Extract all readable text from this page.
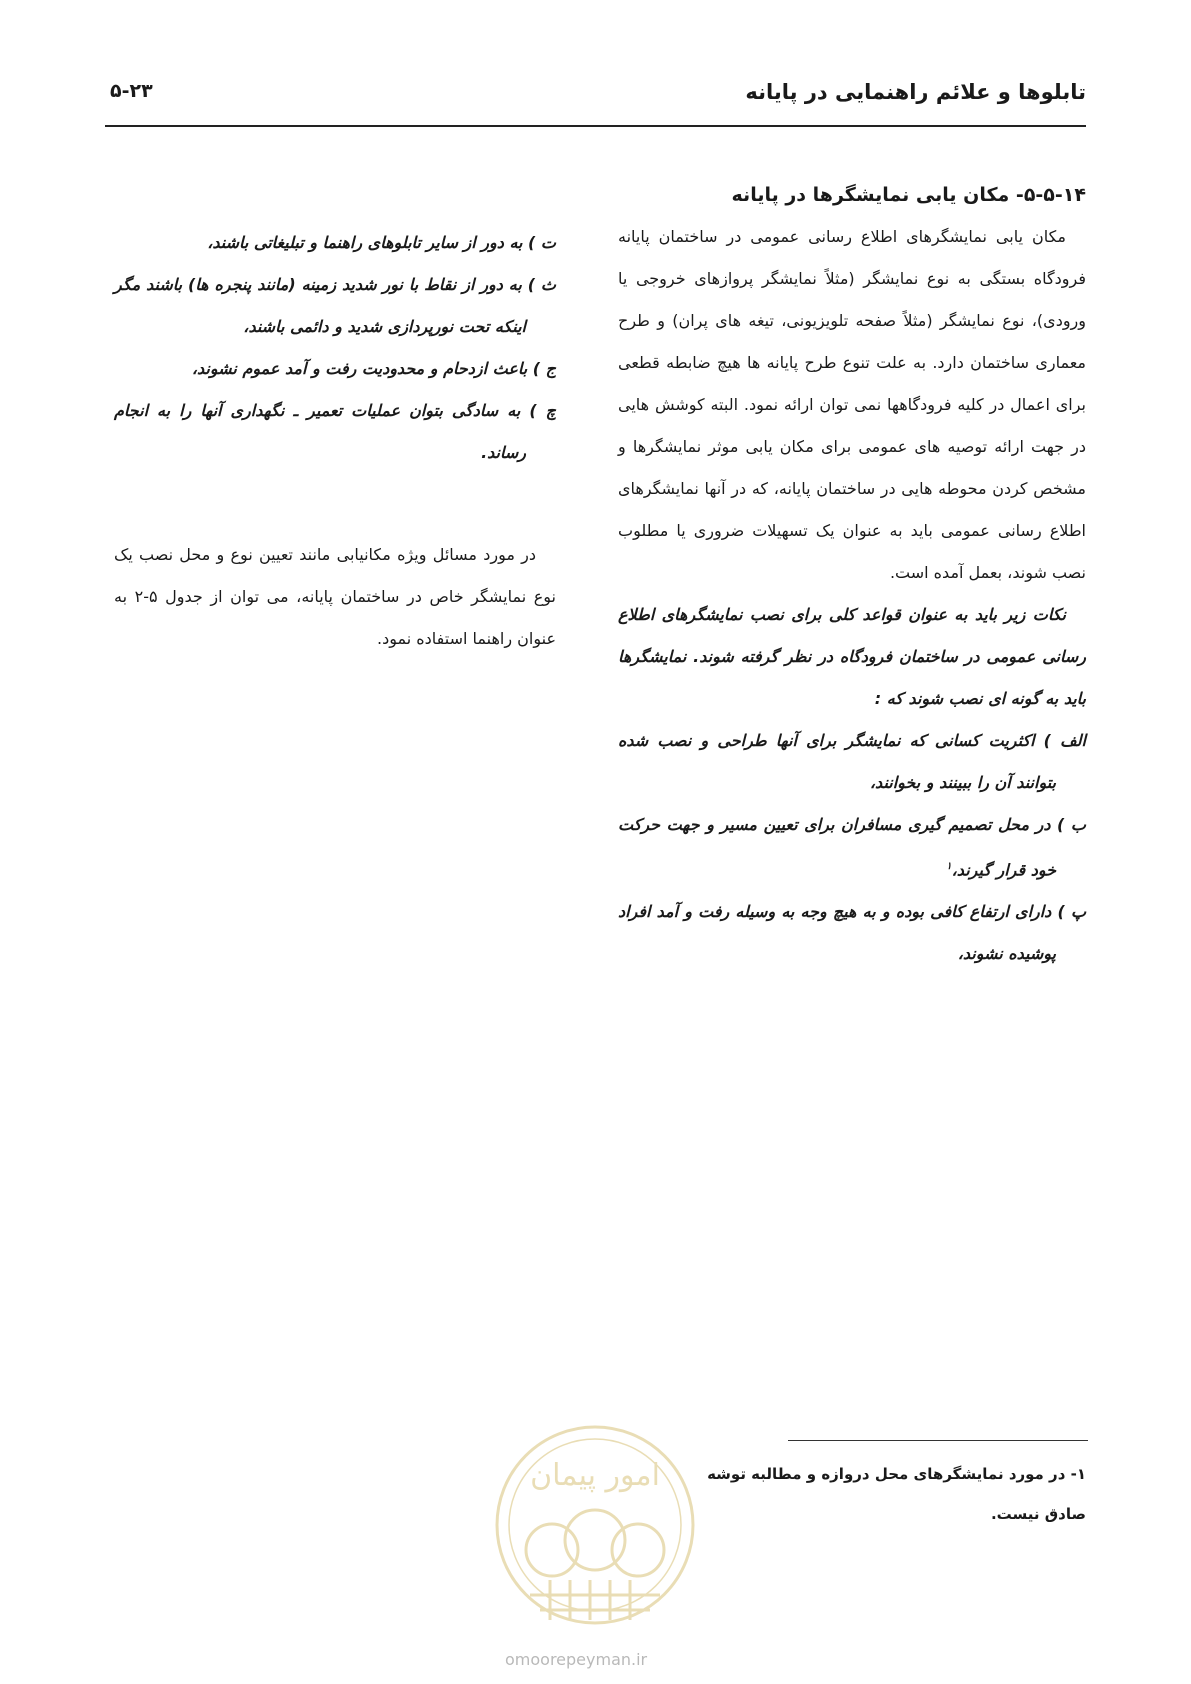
تابلوها و علائم راهنمایی در پایانه
۵-۲۳

۵-۵-۱۴- مکان یابی نمایشگرها در پایانه

مکان یابی نمایشگرهای اطلاع رسانی عمومی در ساختمان پایانه فرودگاه بستگی به نوع نمایشگر (مثلاً نمایشگر پروازهای خروجی یا ورودی)، نوع نمایشگر (مثلاً صفحه تلویزیونی، تیغه های پران) و طرح معماری ساختمان دارد. به علت تنوع طرح پایانه ها هیچ ضابطه قطعی برای اعمال در کلیه فرودگاهها نمی توان ارائه نمود. البته کوشش هایی در جهت ارائه توصیه های عمومی برای مکان یابی موثر نمایشگرها و مشخص کردن محوطه هایی در ساختمان پایانه، که در آنها نمایشگرهای اطلاع رسانی عمومی باید به عنوان یک تسهیلات ضروری یا مطلوب نصب شوند، بعمل آمده است.

نکات زیر باید به عنوان قواعد کلی برای نصب نمایشگرهای اطلاع رسانی عمومی در ساختمان فرودگاه در نظر گرفته شوند. نمایشگرها باید به گونه ای نصب شوند که :

الف ) اکثریت کسانی که نمایشگر برای آنها طراحی و نصب شده بتوانند آن را ببینند و بخوانند،

ب ) در محل تصمیم گیری مسافران برای تعیین مسیر و جهت حرکت خود قرار گیرند،$^۱$

پ ) دارای ارتفاع کافی بوده و به هیچ وجه به وسیله رفت و آمد افراد پوشیده نشوند،

ت ) به دور از سایر تابلوهای راهنما و تبلیغاتی باشند،

ث ) به دور از نقاط با نور شدید زمینه (مانند پنجره ها) باشند مگر اینکه تحت نورپردازی شدید و دائمی باشند،

ج ) باعث ازدحام و محدودیت رفت و آمد عموم نشوند،

چ ) به سادگی بتوان عملیات تعمیر ـ نگهداری آنها را به انجام رساند.

در مورد مسائل ویژه مکانیابی مانند تعیین نوع و محل نصب یک نوع نمایشگر خاص در ساختمان پایانه، می توان از جدول ۵-۲ به عنوان راهنما استفاده نمود.

۱- در مورد نمایشگرهای محل دروازه و مطالبه توشه صادق نیست.
امور پیمان
omoorepeyman.ir
